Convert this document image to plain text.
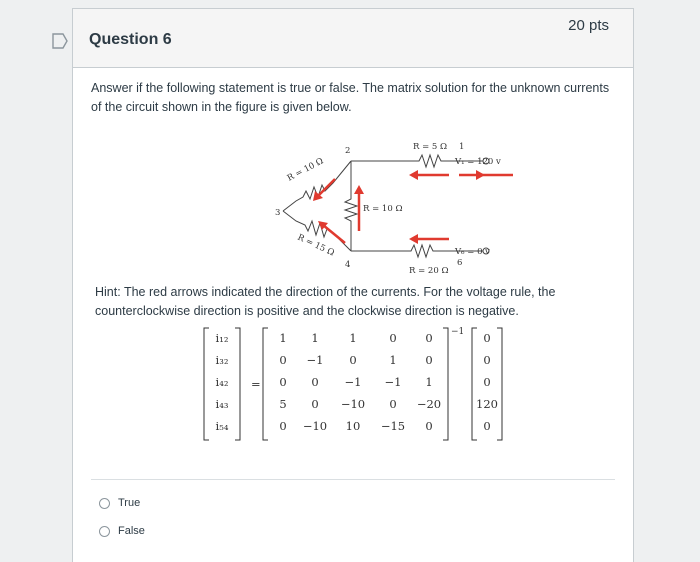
Question 6
20 pts
Answer if the following statement is true or false. The matrix solution for the unknown currents of the circuit shown in the figure is given below.
2	1
3
4	6
R = 5 Ω
R = 10 Ω
R = 15 Ω
R = 10 Ω
R = 20 Ω
V₁ = 120 v
V₆ = 0 v
Hint: The red arrows indicated the direction of the currents. For the voltage rule, the counterclockwise direction is positive and the clockwise direction is negative.
i₁₂
i₃₂
i₄₂
i₄₃
i₅₄
=
−1
1 1	1	0 0
0 −1 0	1 0
0 0 −1 −1 1
5 0 −10 0 −20
0 −10 10 −15 0
0
0
0
120
0
True
False
